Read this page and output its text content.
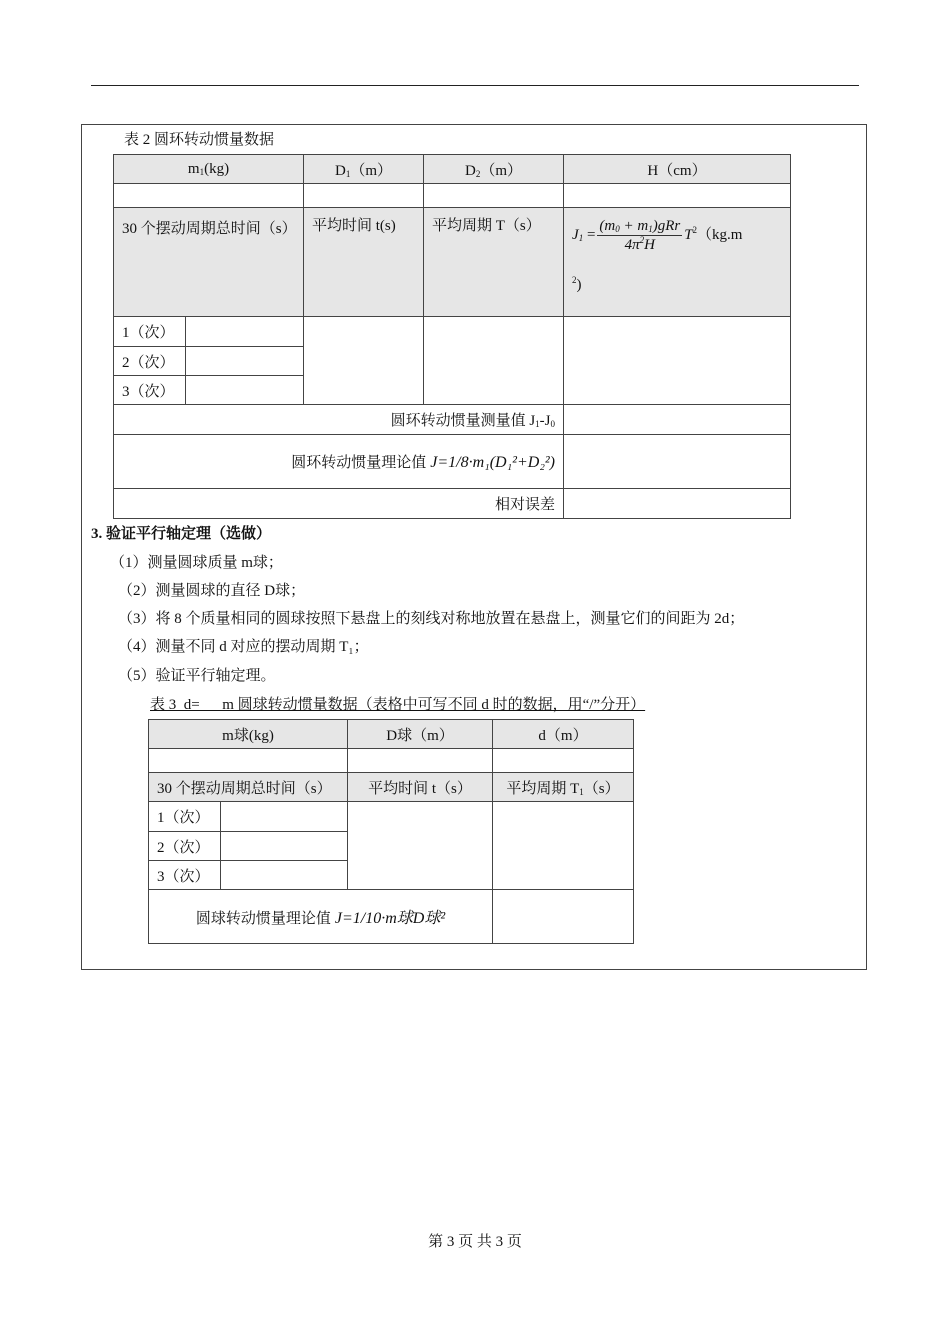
表 2 圆环转动惯量数据
$m_1(kg)$		$D_1(m)$	$D_2(m)$	H（cm）

30 个摆动周期总时间（s）		平均时间 t(s)	平均周期 T（s）	$J_1 = \frac{(m_0 + m_1)gRr}{4\pi^2H} T^2(kg.m$
$^2$)

1（次）				
2（次）				
3（次）				
圆环转动惯量测量值 $J_1-J_0$	
圆环转动惯量理论值 J=1/8·m₁(D₁²+D₂²)				
相对误差				
3. 验证平行轴定理（选做）
（1）测量圆球质量 m球；
（2）测量圆球的直径 D球；
（3）将 8 个质量相同的圆球按照下悬盘上的刻线对称地放置在悬盘上，测量它们的间距为 2d；
（4）测量不同 d 对应的摆动周期 T₁；
（5）验证平行轴定理。
表 3  d=      m 圆球转动惯量数据（表格中可写不同 d 时的数据，用“/”分开）
m球(kg)		D球（m）	d（m）

30 个摆动周期总时间（s）		平均时间 t（s）	平均周期 $T_1(s)$
1（次）			
2（次）			
3（次）			
圆球转动惯量理论值 J=1/10·m球D球²			
第 3 页 共 3 页
